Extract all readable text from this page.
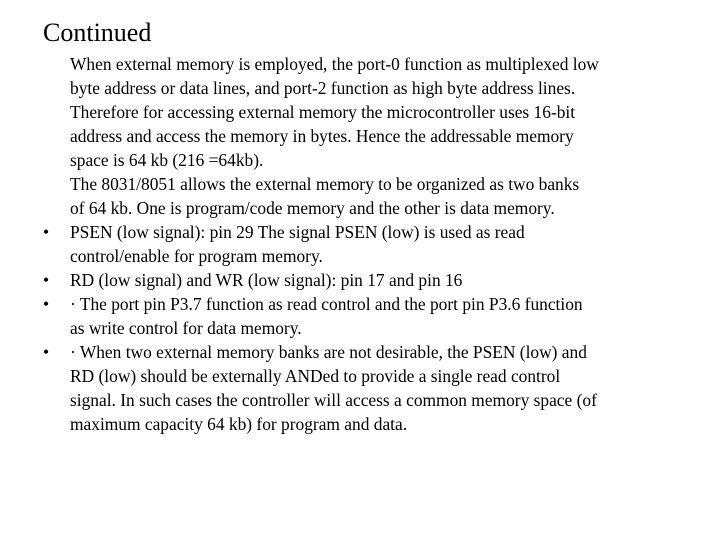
Continued
When external memory is employed, the port-0 function as multiplexed low
byte address or data lines, and port-2 function as high byte address lines.
Therefore for accessing external memory the microcontroller uses 16-bit
address and access the memory in bytes. Hence the addressable memory
space is 64 kb (216 =64kb).
The 8031/8051 allows the external memory to be organized as two banks
of 64 kb. One is program/code memory and the other is data memory.
• PSEN (low signal): pin 29 The signal PSEN (low) is used as read
control/enable for program memory.
• RD (low signal) and WR (low signal): pin 17 and pin 16
• · The port pin P3.7 function as read control and the port pin P3.6 function
as write control for data memory.
• · When two external memory banks are not desirable, the PSEN (low) and
RD (low) should be externally ANDed to provide a single read control
signal. In such cases the controller will access a common memory space (of
maximum capacity 64 kb) for program and data.
